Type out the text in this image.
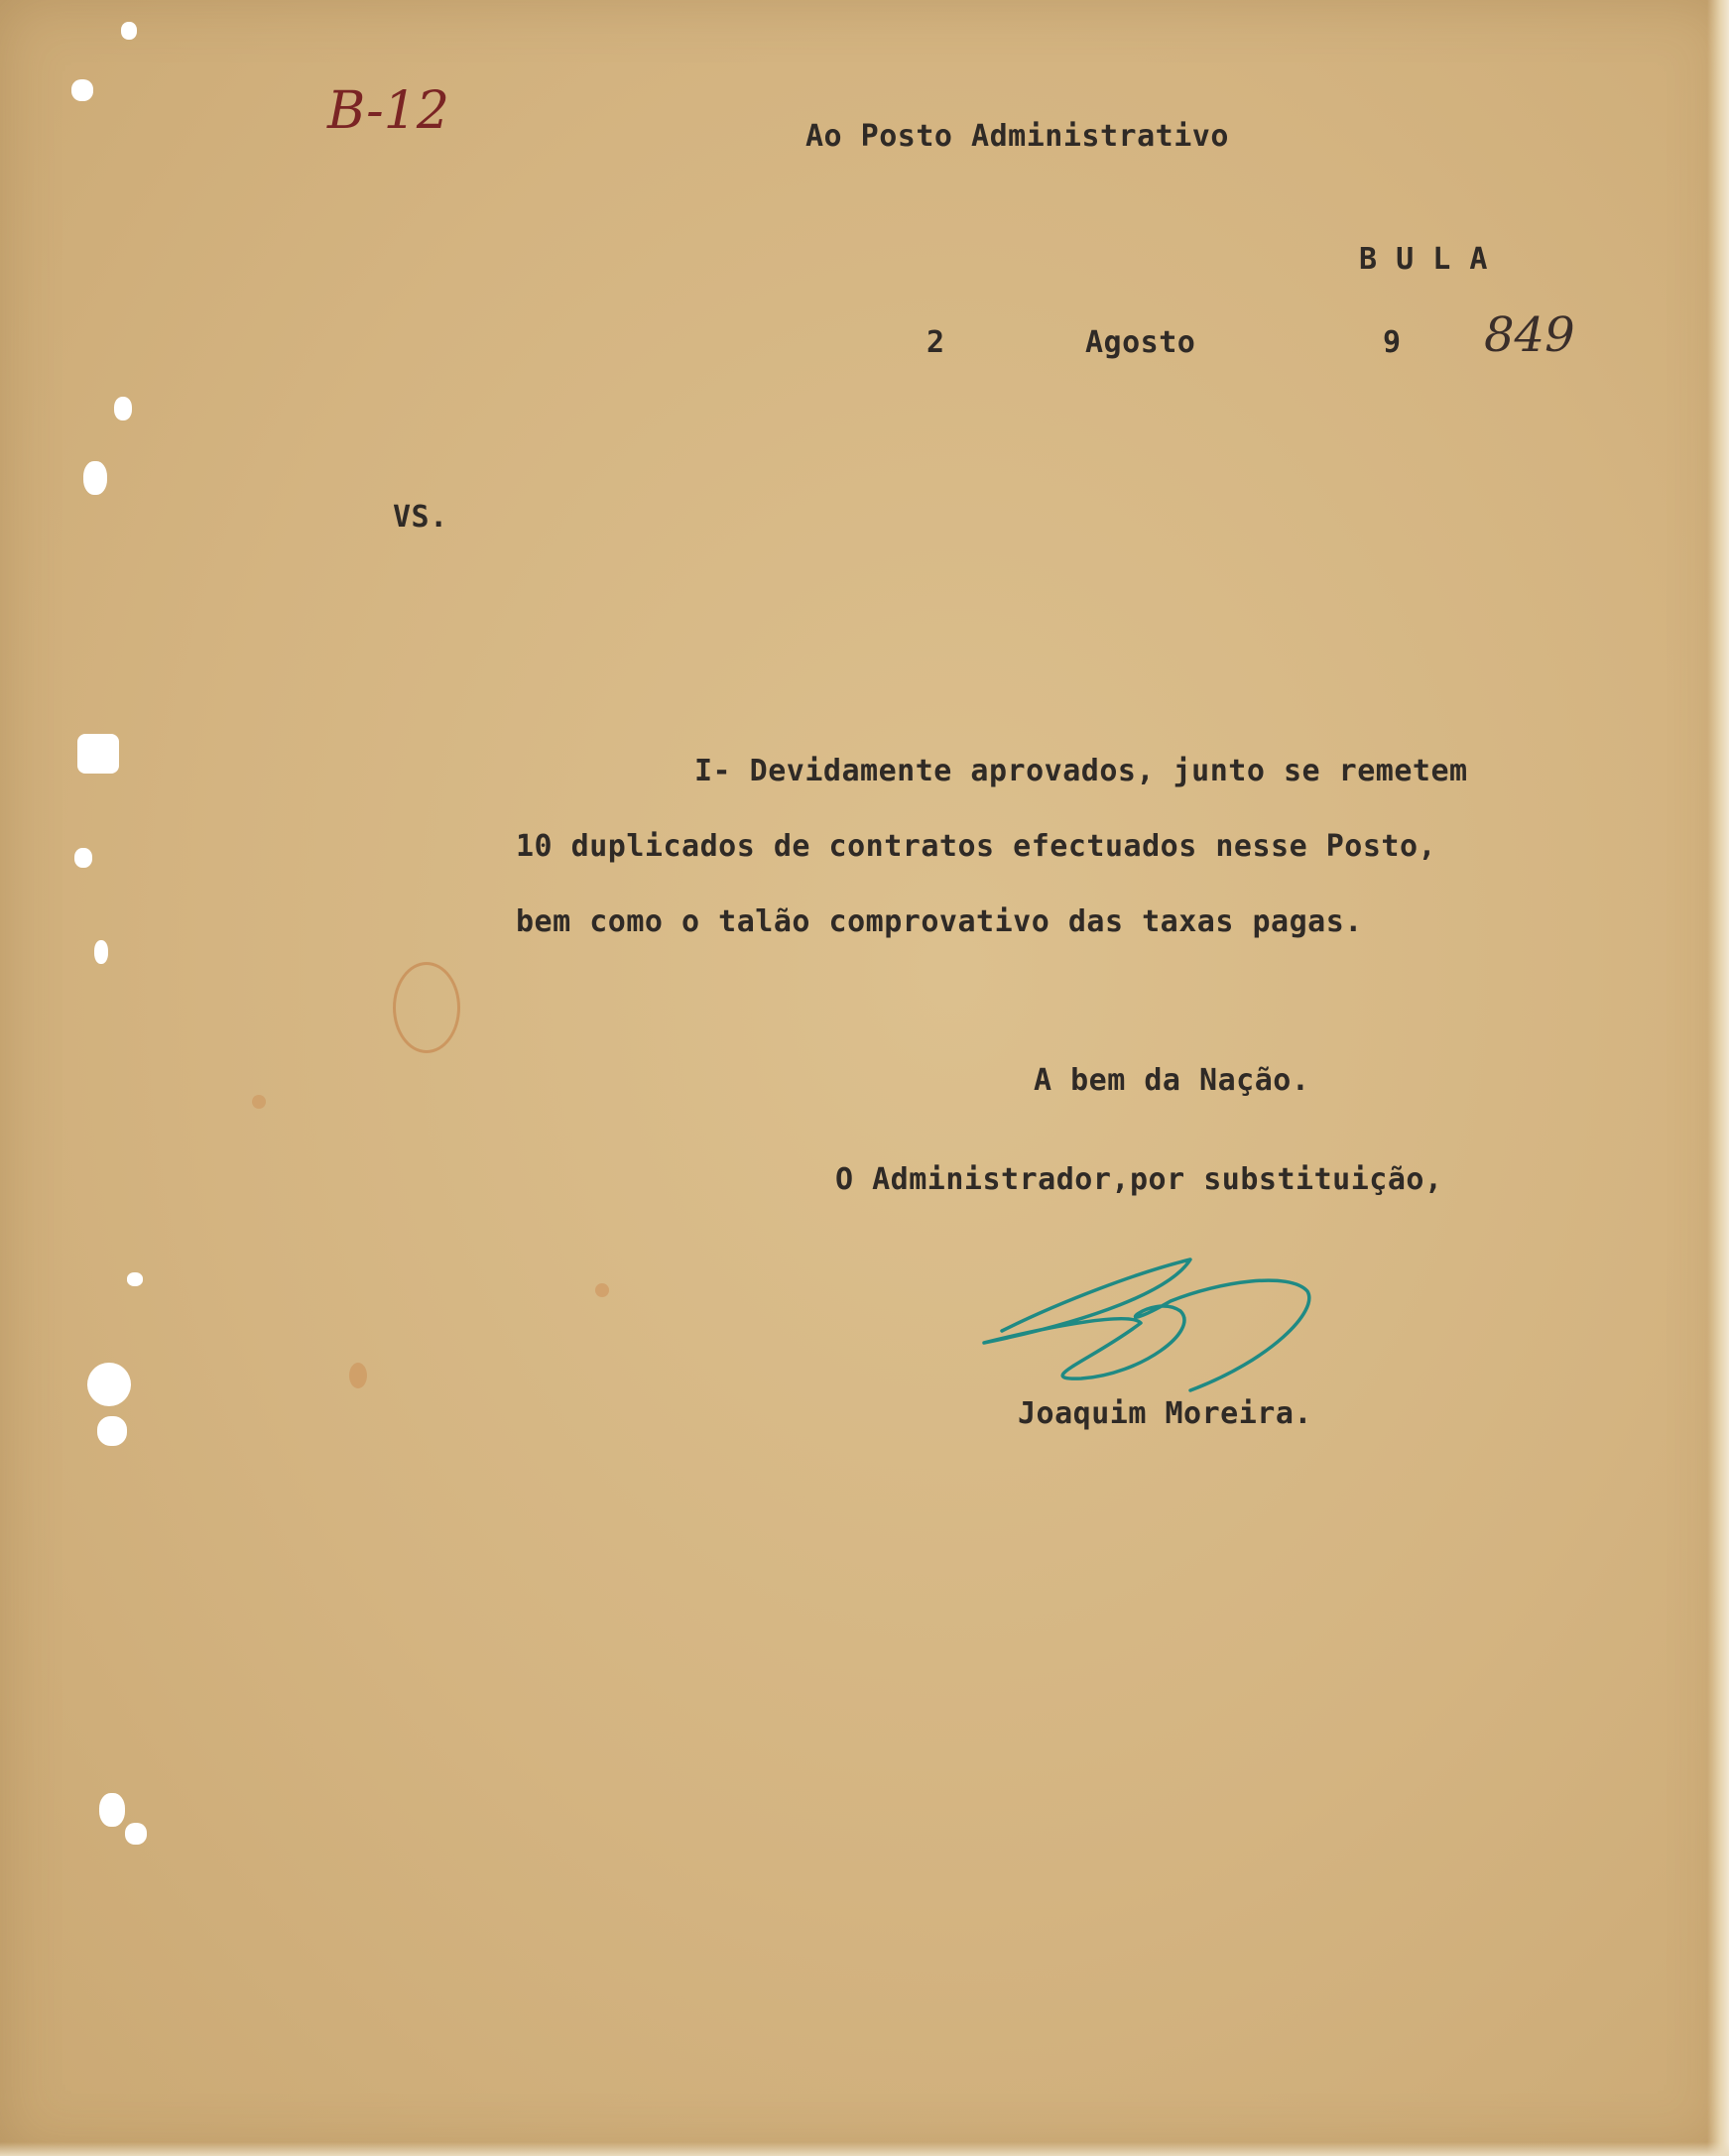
B-12	Ao Posto Administrativo
B U L A
2	Agosto	9 849
VS.
I- Devidamente aprovados, junto se remetem
10 duplicados de contratos efectuados nesse Posto,
bem como o talão comprovativo das taxas pagas.
A bem da Nação.
O Administrador,por substituição,
Joaquim Moreira.
